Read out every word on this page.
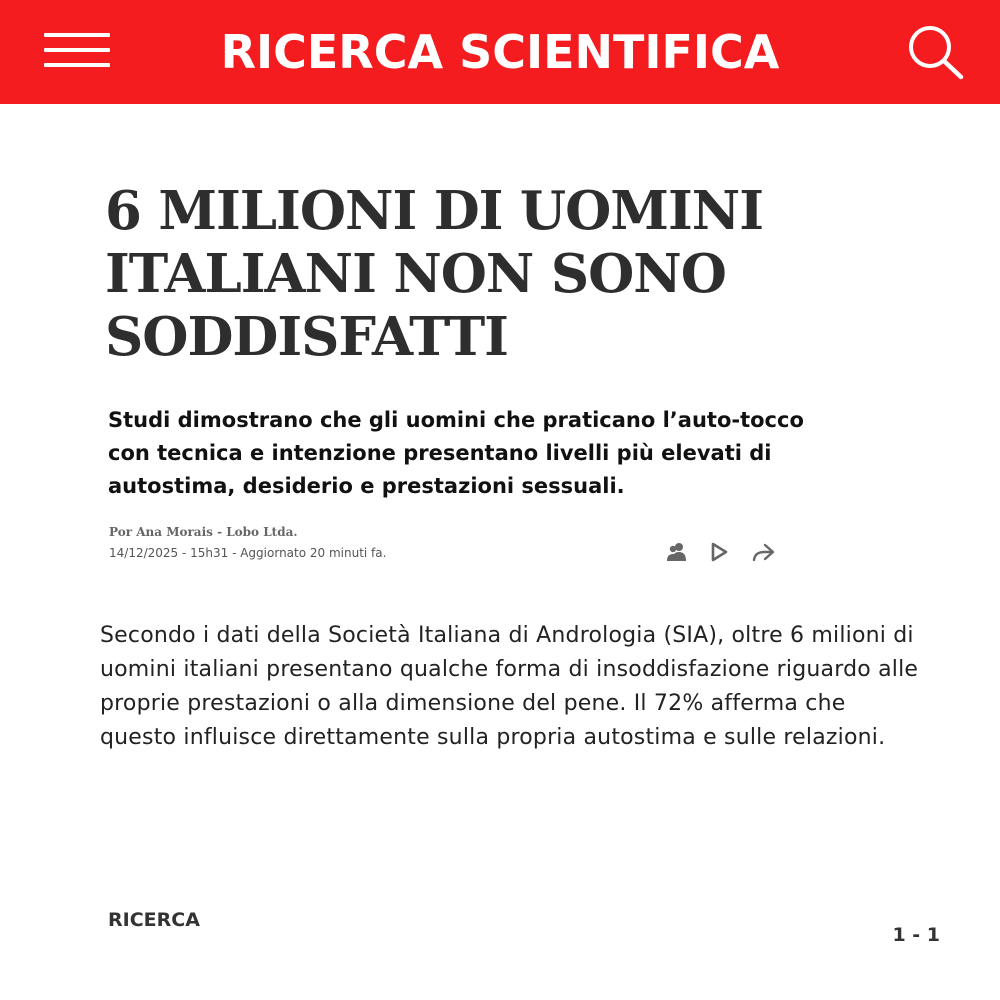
RICERCA SCIENTIFICA
6 MILIONI DI UOMINI ITALIANI NON SONO SODDISFATTI

Studi dimostrano che gli uomini che praticano l’auto-tocco con tecnica e intenzione presentano livelli più elevati di autostima, desiderio e prestazioni sessuali.

Por Ana Morais - Lobo Ltda.
14/12/2025 - 15h31 - Aggiornato 20 minuti fa.

Secondo i dati della Società Italiana di Andrologia (SIA), oltre 6 milioni di uomini italiani presentano qualche forma di insoddisfazione riguardo alle proprie prestazioni o alla dimensione del pene. Il 72% afferma che questo influisce direttamente sulla propria autostima e sulle relazioni.

RICERCA
1 - 1
